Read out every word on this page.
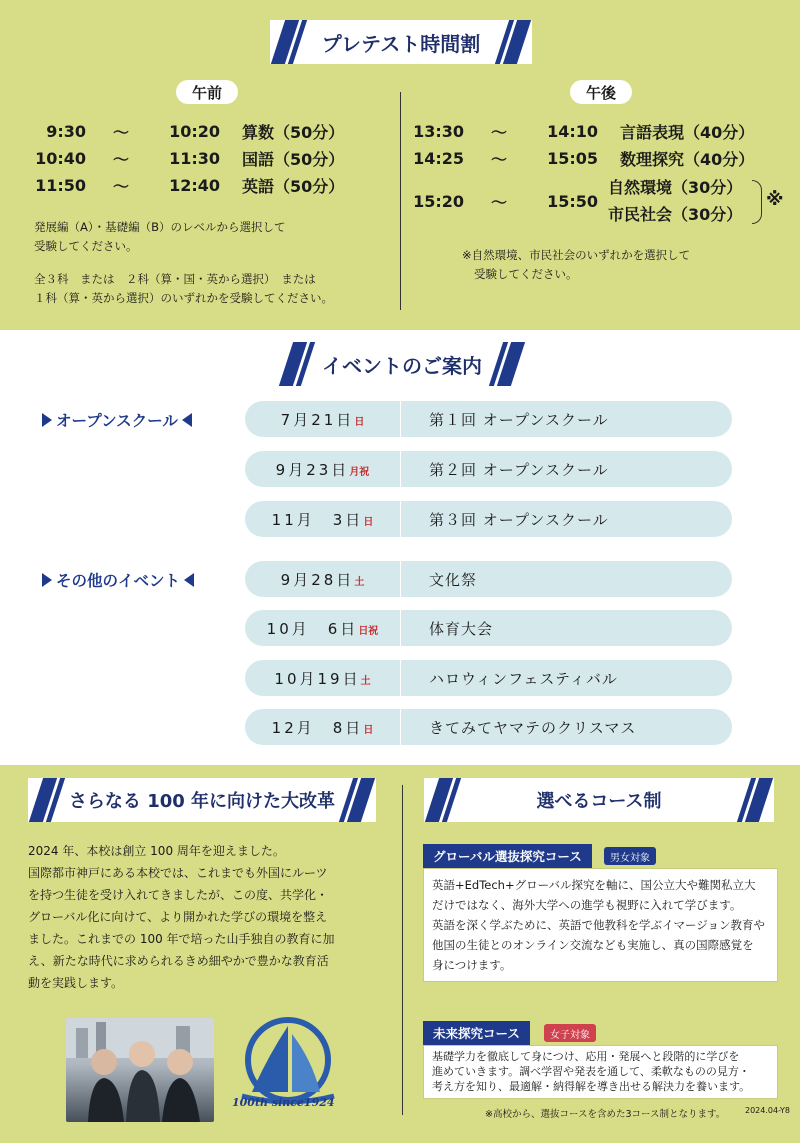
プレテスト時間割
午前	午後
9:30	〜	10:20 算数（50分）
10:40	〜	11:30 国語（50分）
11:50	〜	12:40 英語（50分）
発展編（A）・基礎編（B）のレベルから選択して
受験してください。
全３科　または　２科（算・国・英から選択）　または
１科（算・英から選択）のいずれかを受験してください。
13:30	〜	14:10 言語表現（40分）
14:25	〜	15:05 数理探究（40分）
15:20	〜	15:50
自然環境（30分）
市民社会（30分）
※
※自然環境、市民社会のいずれかを選択して
受験してください。
イベントのご案内
オープンスクール
その他のイベント
7月21日日	第１回 オープンスクール
9月23日月祝	第２回 オープンスクール
11月　3日日	第３回 オープンスクール
9月28日土	文化祭
10月　6日日祝	体育大会
10月19日土	ハロウィンフェスティバル
12月　8日日	きてみてヤマテのクリスマス
さらなる 100 年に向けた大改革
2024 年、本校は創立 100 周年を迎えました。
国際都市神戸にある本校では、これまでも外国にルーツ
を持つ生徒を受け入れてきましたが、この度、共学化・
グローバル化に向けて、より開かれた学びの環境を整え
ました。これまでの 100 年で培った山手独自の教育に加
え、新たな時代に求められるきめ細やかで豊かな教育活
動を実践します。
100th since1924
選べるコース制
グローバル選抜探究コース	男女対象
英語+EdTech+グローバル探究を軸に、国公立大や難関私立大
だけではなく、海外大学への進学も視野に入れて学びます。
英語を深く学ぶために、英語で他教科を学ぶイマージョン教育や
他国の生徒とのオンライン交流なども実施し、真の国際感覚を
身につけます。
未来探究コース	女子対象
基礎学力を徹底して身につけ、応用・発展へと段階的に学びを
進めていきます。調べ学習や発表を通して、柔軟なものの見方・
考え方を知り、最適解・納得解を導き出せる解決力を養います。
※高校から、選抜コースを含めた3コース制となります。 2024.04-Y8
